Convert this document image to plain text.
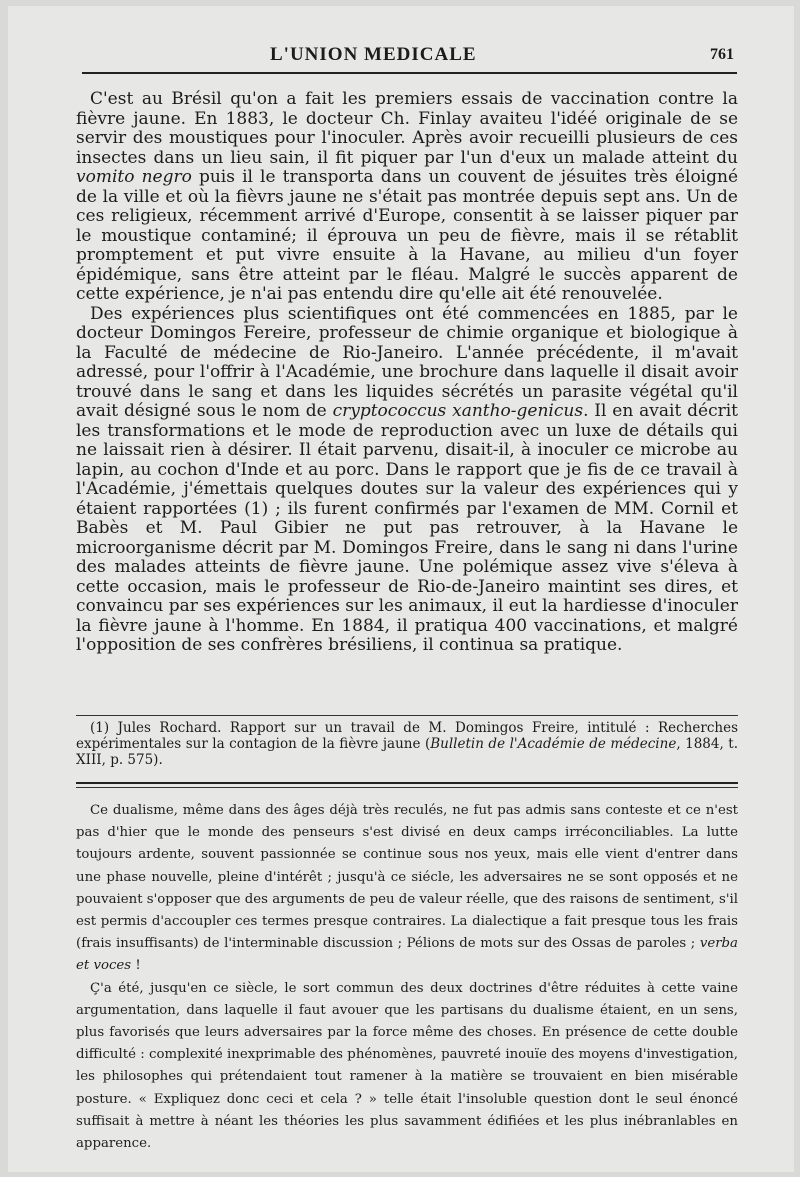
L'UNION MEDICALE	761

C'est au Brésil qu'on a fait les premiers essais de vaccination contre la fièvre jaune. En 1883, le docteur Ch. Finlay avaiteu l'idéé originale de se servir des moustiques pour l'inoculer. Après avoir recueilli plusieurs de ces insectes dans un lieu sain, il fit piquer par l'un d'eux un malade atteint du vomito negro puis il le transporta dans un couvent de jésuites très éloigné de la ville et où la fièvrs jaune ne s'était pas montrée depuis sept ans. Un de ces religieux, récemment arrivé d'Europe, consentit à se laisser piquer par le moustique contaminé; il éprouva un peu de fièvre, mais il se rétablit promptement et put vivre ensuite à la Havane, au milieu d'un foyer épidémique, sans être atteint par le fléau. Malgré le succès apparent de cette expérience, je n'ai pas entendu dire qu'elle ait été renouvelée.

Des expériences plus scientifiques ont été commencées en 1885, par le docteur Domingos Fereire, professeur de chimie organique et biologique à la Faculté de médecine de Rio-Janeiro. L'année précédente, il m'avait adressé, pour l'offrir à l'Académie, une brochure dans laquelle il disait avoir trouvé dans le sang et dans les liquides sécrétés un parasite végétal qu'il avait désigné sous le nom de cryptococcus xantho-genicus. Il en avait décrit les transformations et le mode de reproduction avec un luxe de détails qui ne laissait rien à désirer. Il était parvenu, disait-il, à inoculer ce microbe au lapin, au cochon d'Inde et au porc. Dans le rapport que je fis de ce travail à l'Académie, j'émettais quelques doutes sur la valeur des expériences qui y étaient rapportées (1) ; ils furent confirmés par l'examen de MM. Cornil et Babès et M. Paul Gibier ne put pas retrouver, à la Havane le microorganisme décrit par M. Domingos Freire, dans le sang ni dans l'urine des malades atteints de fièvre jaune. Une polémique assez vive s'éleva à cette occasion, mais le professeur de Rio-de-Janeiro maintint ses dires, et convaincu par ses expériences sur les animaux, il eut la hardiesse d'inoculer la fièvre jaune à l'homme. En 1884, il pratiqua 400 vaccinations, et malgré l'opposition de ses confrères brésiliens, il continua sa pratique.

(1) Jules Rochard. Rapport sur un travail de M. Domingos Freire, intitulé : Recherches expérimentales sur la contagion de la fièvre jaune (Bulletin de l'Académie de médecine, 1884, t. XIII, p. 575).

Ce dualisme, même dans des âges déjà très reculés, ne fut pas admis sans conteste et ce n'est pas d'hier que le monde des penseurs s'est divisé en deux camps irréconciliables. La lutte toujours ardente, souvent passionnée se continue sous nos yeux, mais elle vient d'entrer dans une phase nouvelle, pleine d'intérêt ; jusqu'à ce siécle, les adversaires ne se sont opposés et ne pouvaient s'opposer que des arguments de peu de valeur réelle, que des raisons de sentiment, s'il est permis d'accoupler ces termes presque contraires. La dialectique a fait presque tous les frais (frais insuffisants) de l'interminable discussion ; Pélions de mots sur des Ossas de paroles ; verba et voces !

Ç'a été, jusqu'en ce siècle, le sort commun des deux doctrines d'être réduites à cette vaine argumentation, dans laquelle il faut avouer que les partisans du dualisme étaient, en un sens, plus favorisés que leurs adversaires par la force même des choses. En présence de cette double difficulté : complexité inexprimable des phénomènes, pauvreté inouïe des moyens d'investigation, les philosophes qui prétendaient tout ramener à la matière se trouvaient en bien misérable posture. « Expliquez donc ceci et cela ? » telle était l'insoluble question dont le seul énoncé suffisait à mettre à néant les théories les plus savamment édifiées et les plus inébranlables en apparence.
